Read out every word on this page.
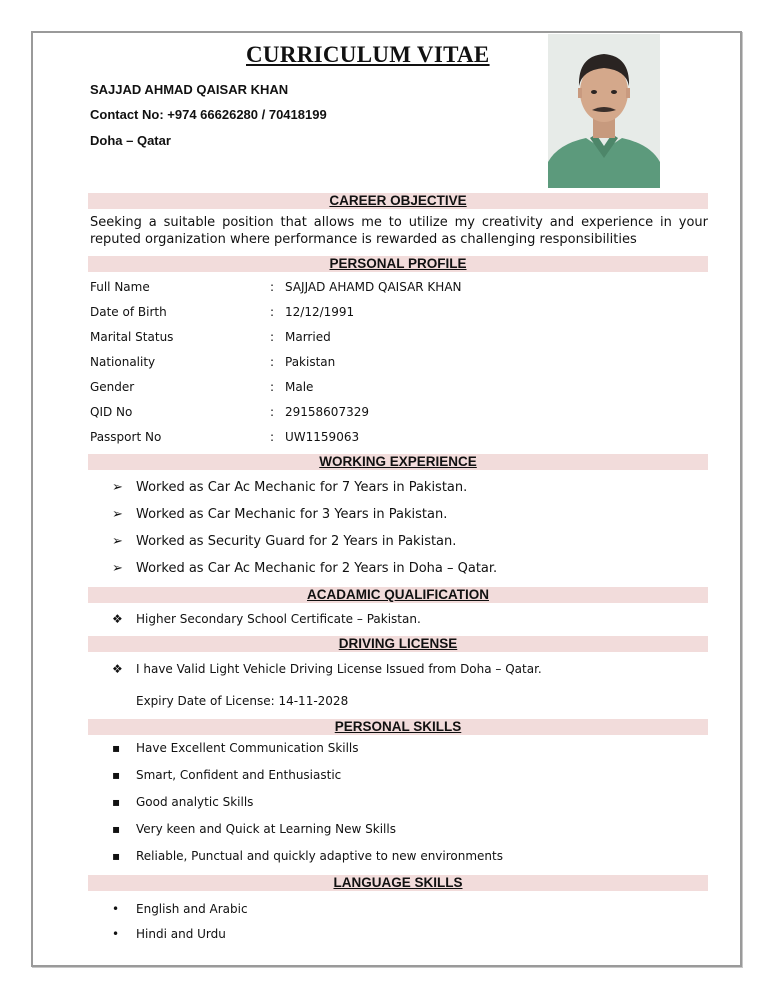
CURRICULUM VITAE
SAJJAD AHMAD QAISAR KHAN
Contact No: +974 66626280 / 70418199
Doha – Qatar
CAREER OBJECTIVE
Seeking a suitable position that allows me to utilize my creativity and experience in your reputed organization where performance is rewarded as challenging responsibilities
PERSONAL PROFILE
Full Name	: SAJJAD AHAMD QAISAR KHAN
Date of Birth	: 12/12/1991
Marital Status	: Married
Nationality	: Pakistan
Gender	: Male
QID No	: 29158607329
Passport No	: UW1159063
WORKING EXPERIENCE
➢ Worked as Car Ac Mechanic for 7 Years in Pakistan.
➢ Worked as Car Mechanic for 3 Years in Pakistan.
➢ Worked as Security Guard for 2 Years in Pakistan.
➢ Worked as Car Ac Mechanic for 2 Years in Doha – Qatar.
ACADAMIC QUALIFICATION
❖ Higher Secondary School Certificate – Pakistan.
DRIVING LICENSE
❖ I have Valid Light Vehicle Driving License Issued from Doha – Qatar.
Expiry Date of License: 14-11-2028
PERSONAL SKILLS
▪ Have Excellent Communication Skills
▪ Smart, Confident and Enthusiastic
▪ Good analytic Skills
▪ Very keen and Quick at Learning New Skills
▪ Reliable, Punctual and quickly adaptive to new environments
LANGUAGE SKILLS
• English and Arabic
• Hindi and Urdu
